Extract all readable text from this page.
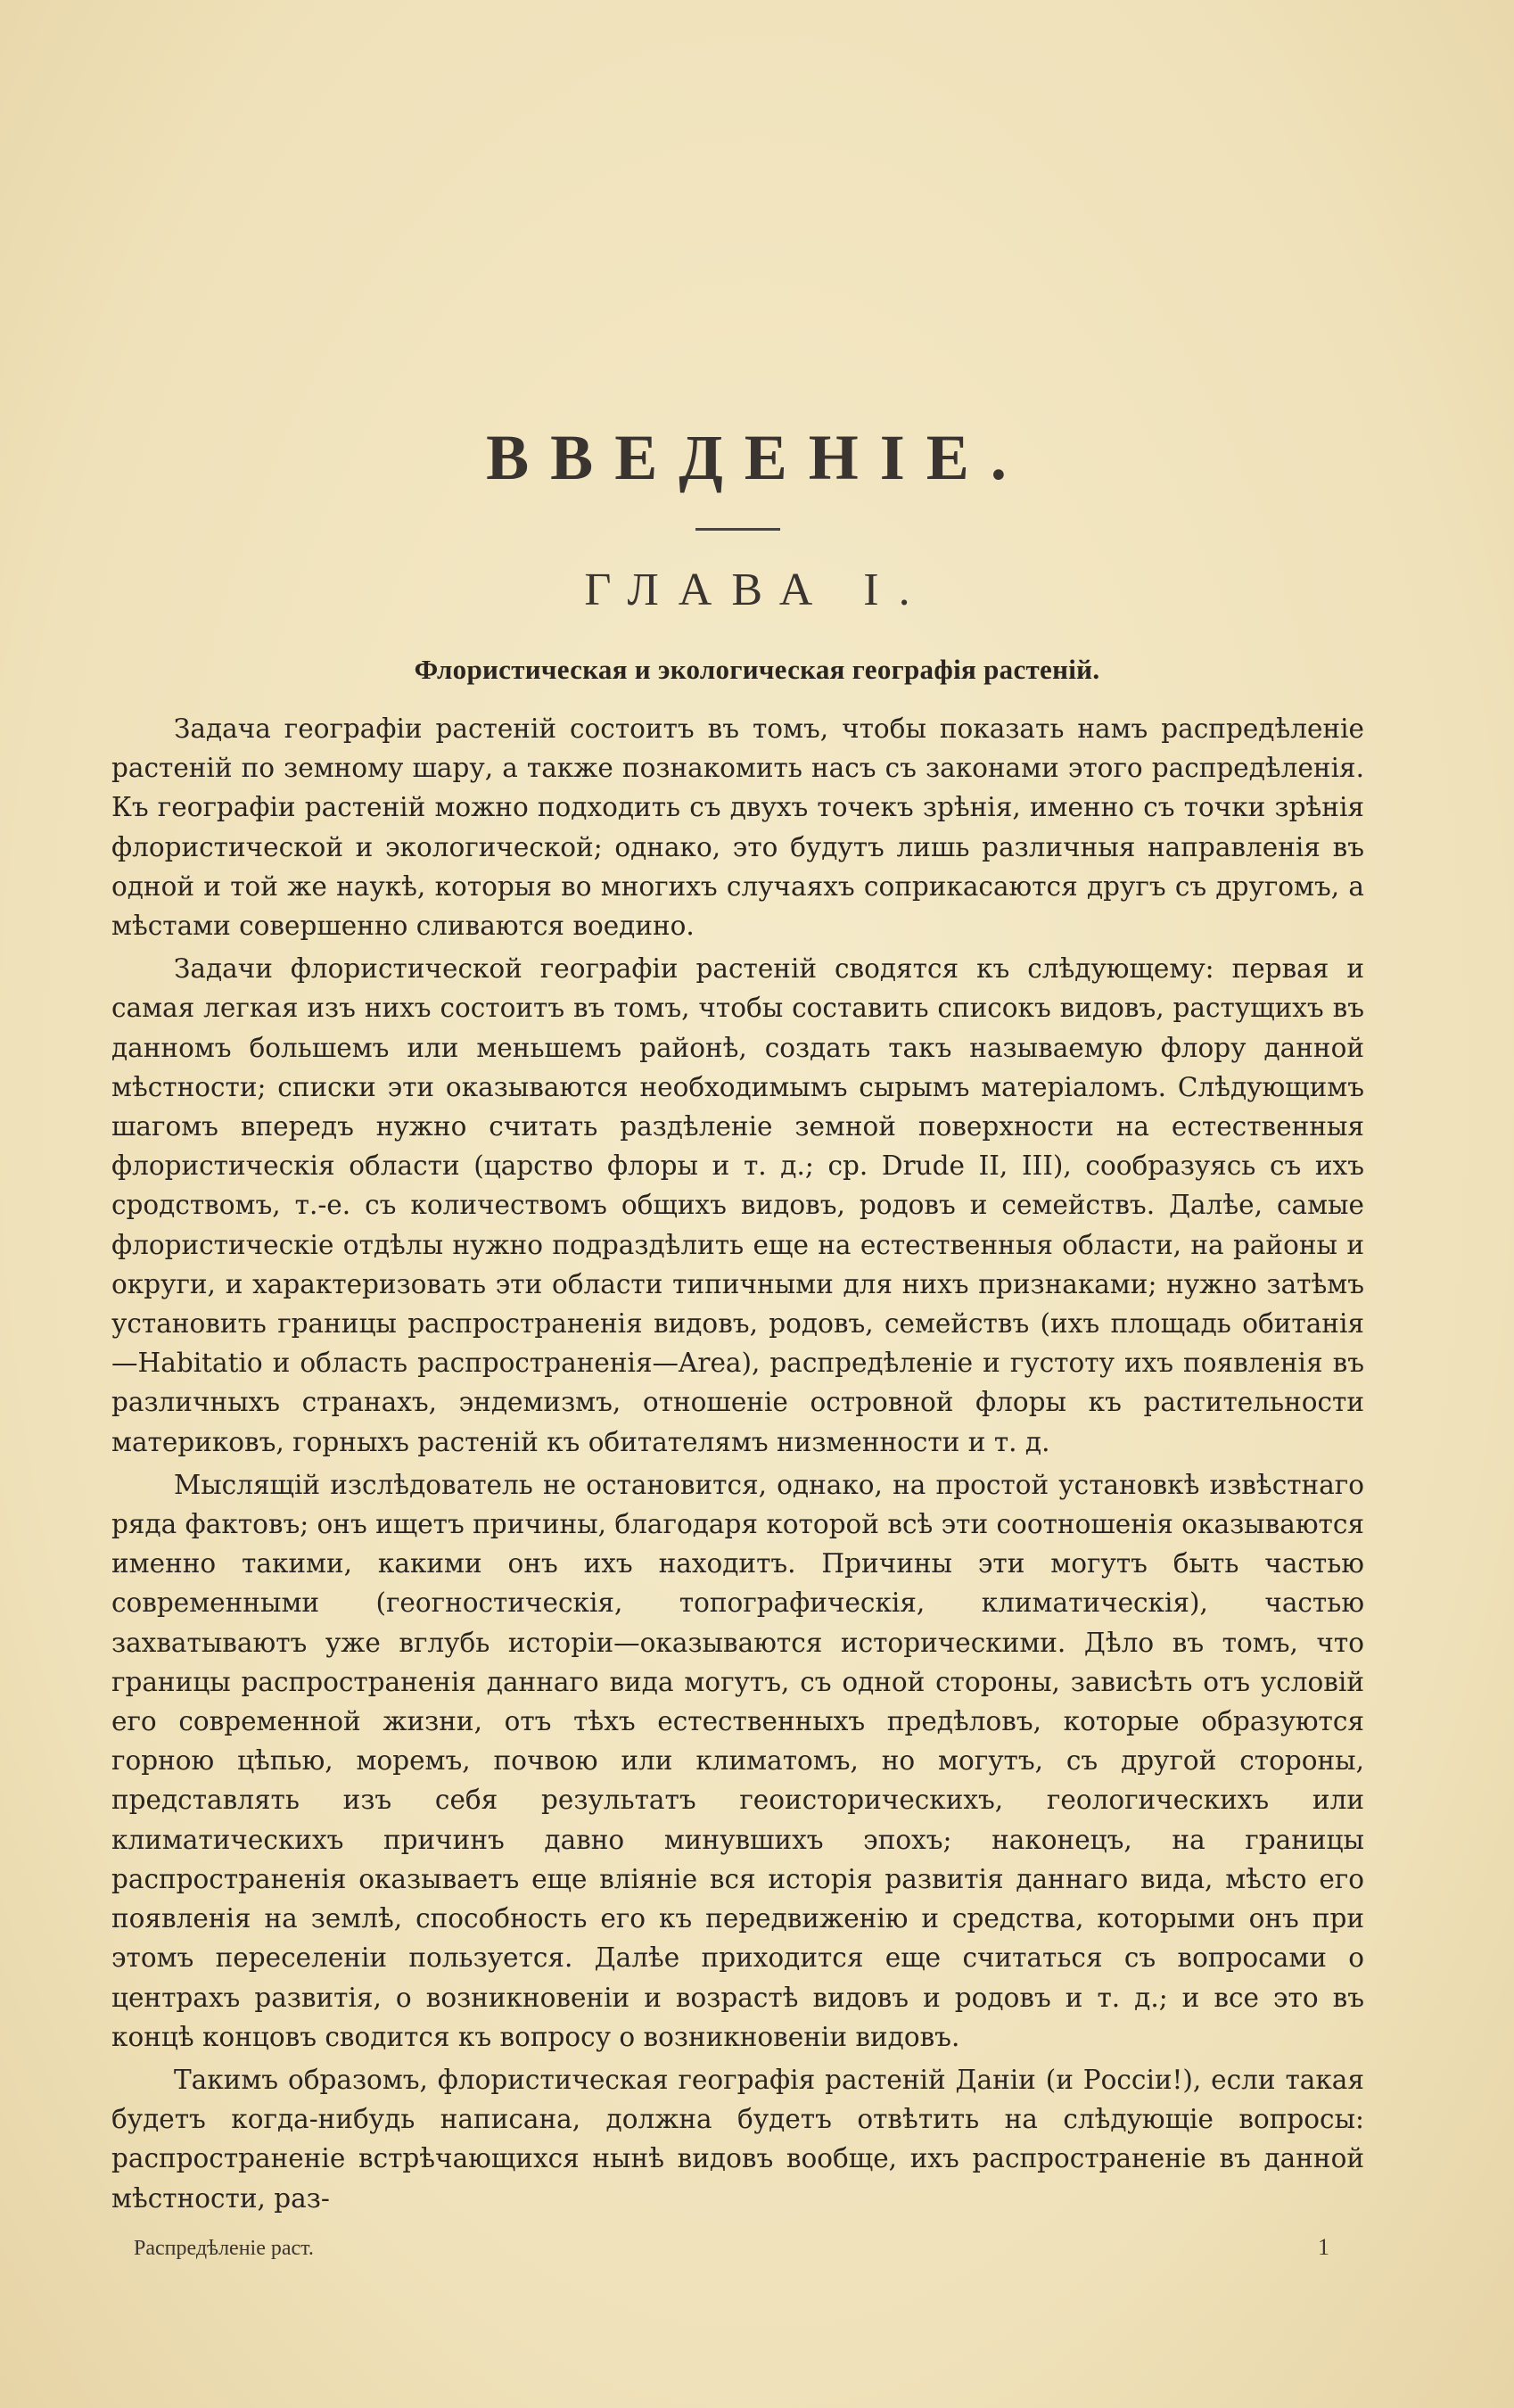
ВВЕДЕНІЕ.
ГЛАВА I.
Флористическая и экологическая географія растеній.

Задача географіи растеній состоитъ въ томъ, чтобы показать намъ распредѣленіе растеній по земному шару, а также познакомить насъ съ законами этого распредѣленія. Къ географіи растеній можно подходить съ двухъ точекъ зрѣнія, именно съ точки зрѣнія флористической и экологической; однако, это будутъ лишь различныя направленія въ одной и той же наукѣ, которыя во многихъ случаяхъ соприкасаются другъ съ другомъ, а мѣстами совершенно сливаются воедино.

Задачи флористической географіи растеній сводятся къ слѣдующему: первая и самая легкая изъ нихъ состоитъ въ томъ, чтобы составить списокъ видовъ, растущихъ въ данномъ большемъ или меньшемъ районѣ, создать такъ называемую флору данной мѣстности; списки эти оказываются необходимымъ сырымъ матеріаломъ. Слѣдующимъ шагомъ впередъ нужно считать раздѣленіе земной поверхности на естественныя флористическія области (царство флоры и т. д.; ср. Drude II, III), сообразуясь съ ихъ сродствомъ, т.-е. съ количествомъ общихъ видовъ, родовъ и семействъ. Далѣе, самые флористическіе отдѣлы нужно подраздѣлить еще на естественныя области, на районы и округи, и характеризовать эти области типичными для нихъ признаками; нужно затѣмъ установить границы распространенія видовъ, родовъ, семействъ (ихъ площадь обитанія—Habitatio и область распространенія—Area), распредѣленіе и густоту ихъ появленія въ различныхъ странахъ, эндемизмъ, отношеніе островной флоры къ растительности материковъ, горныхъ растеній къ обитателямъ низменности и т. д.

Мыслящій изслѣдователь не остановится, однако, на простой установкѣ извѣстнаго ряда фактовъ; онъ ищетъ причины, благодаря которой всѣ эти соотношенія оказываются именно такими, какими онъ ихъ находитъ. Причины эти могутъ быть частью современными (геогностическія, топографическія, климатическія), частью захватываютъ уже вглубь исторіи—оказываются историческими. Дѣло въ томъ, что границы распространенія даннаго вида могутъ, съ одной стороны, зависѣть отъ условій его современной жизни, отъ тѣхъ естественныхъ предѣловъ, которые образуются горною цѣпью, моремъ, почвою или климатомъ, но могутъ, съ другой стороны, представлять изъ себя результатъ геоисторическихъ, геологическихъ или климатическихъ причинъ давно минувшихъ эпохъ; наконецъ, на границы распространенія оказываетъ еще вліяніе вся исторія развитія даннаго вида, мѣсто его появленія на землѣ, способность его къ передвиженію и средства, которыми онъ при этомъ переселеніи пользуется. Далѣе приходится еще считаться съ вопросами о центрахъ развитія, о возникновеніи и возрастѣ видовъ и родовъ и т. д.; и все это въ концѣ концовъ сводится къ вопросу о возникновеніи видовъ.

Такимъ образомъ, флористическая географія растеній Даніи (и Россіи!), если такая будетъ когда-нибудь написана, должна будетъ отвѣтить на слѣдующіе вопросы: распространеніе встрѣчающихся нынѣ видовъ вообще, ихъ распространеніе въ данной мѣстности, раз-

Распредѣленіе раст.	1
